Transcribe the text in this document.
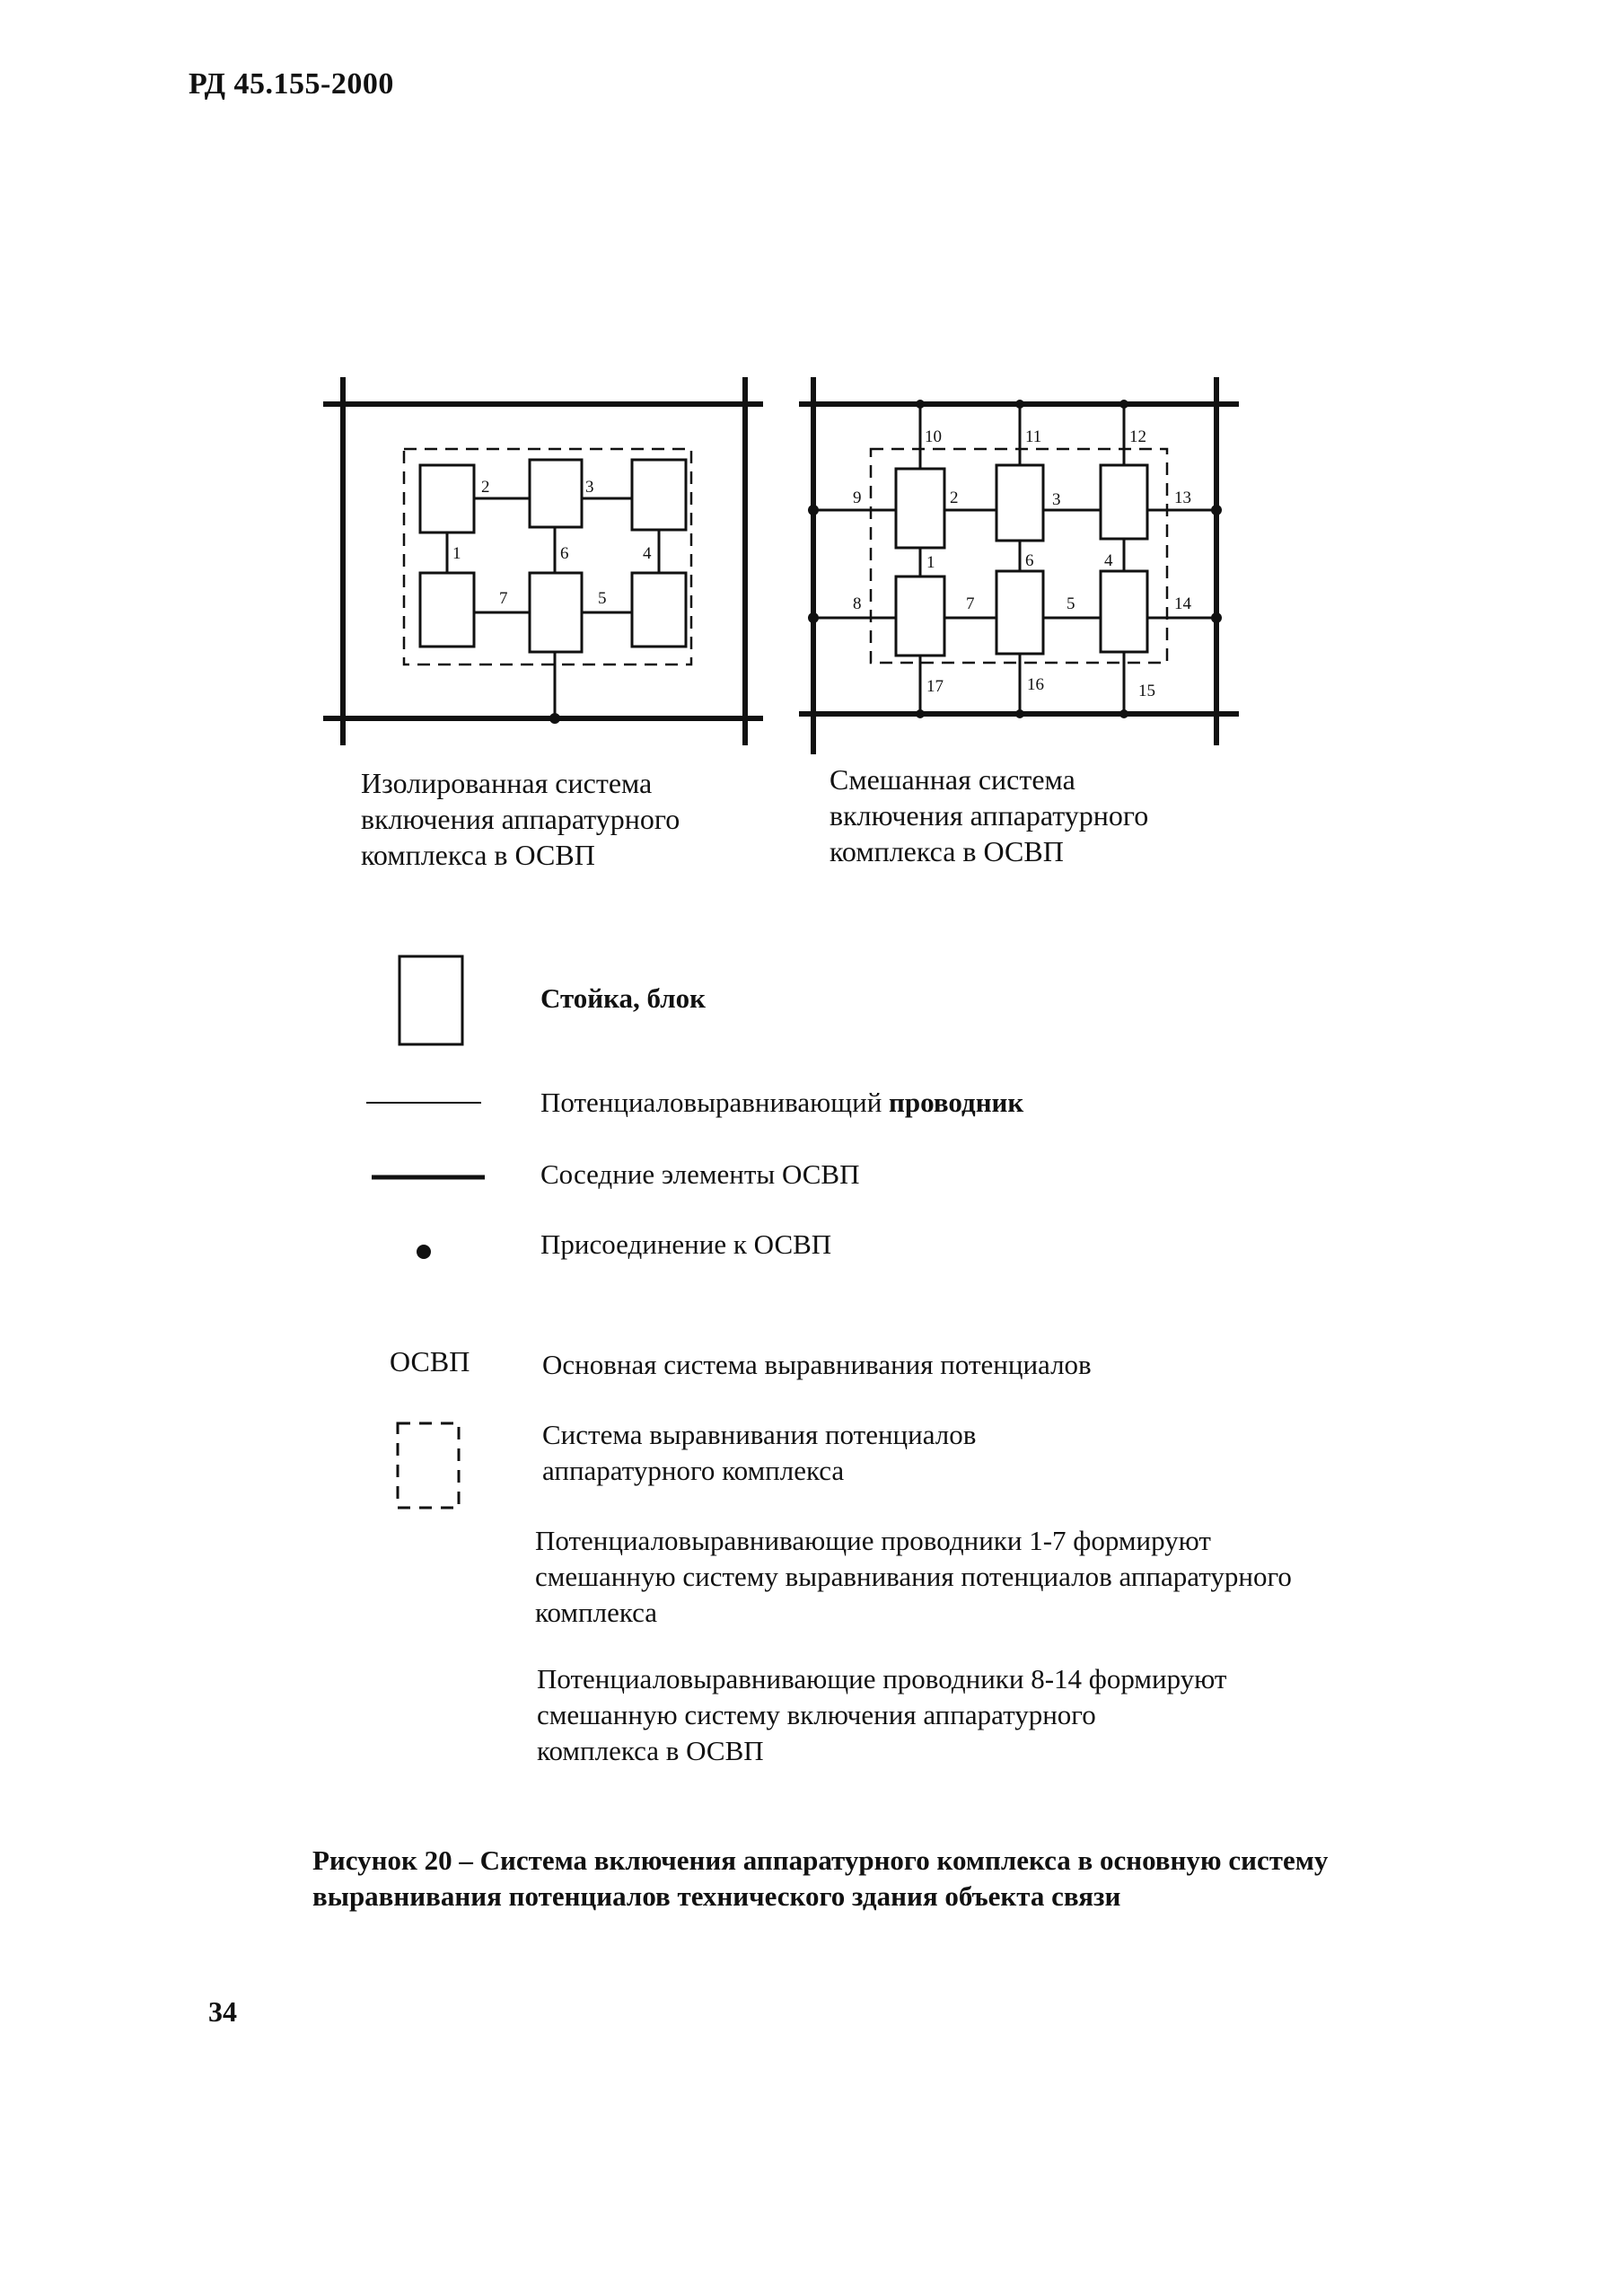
РД 45.155-2000
2	3
1	6	4
7	5
Изолированная система
включения аппаратурного
комплекса в ОСВП
10	11	12
9	2	3	13
1	6	4
8	7	5	14
17	16	15
Смешанная система
включения аппаратурного
комплекса в ОСВП
Стойка, блок
Потенциаловыравнивающий проводник
Соседние элементы ОСВП
Присоединение к ОСВП
ОСВП	Основная система выравнивания потенциалов
Система выравнивания потенциалов
аппаратурного комплекса
Потенциаловыравнивающие проводники 1-7 формируют
смешанную систему выравнивания потенциалов аппаратурного
комплекса
Потенциаловыравнивающие проводники 8-14 формируют
смешанную систему включения аппаратурного
комплекса в ОСВП
Рисунок 20 – Система включения аппаратурного комплекса в основную систему
выравнивания потенциалов технического здания объекта связи
34
